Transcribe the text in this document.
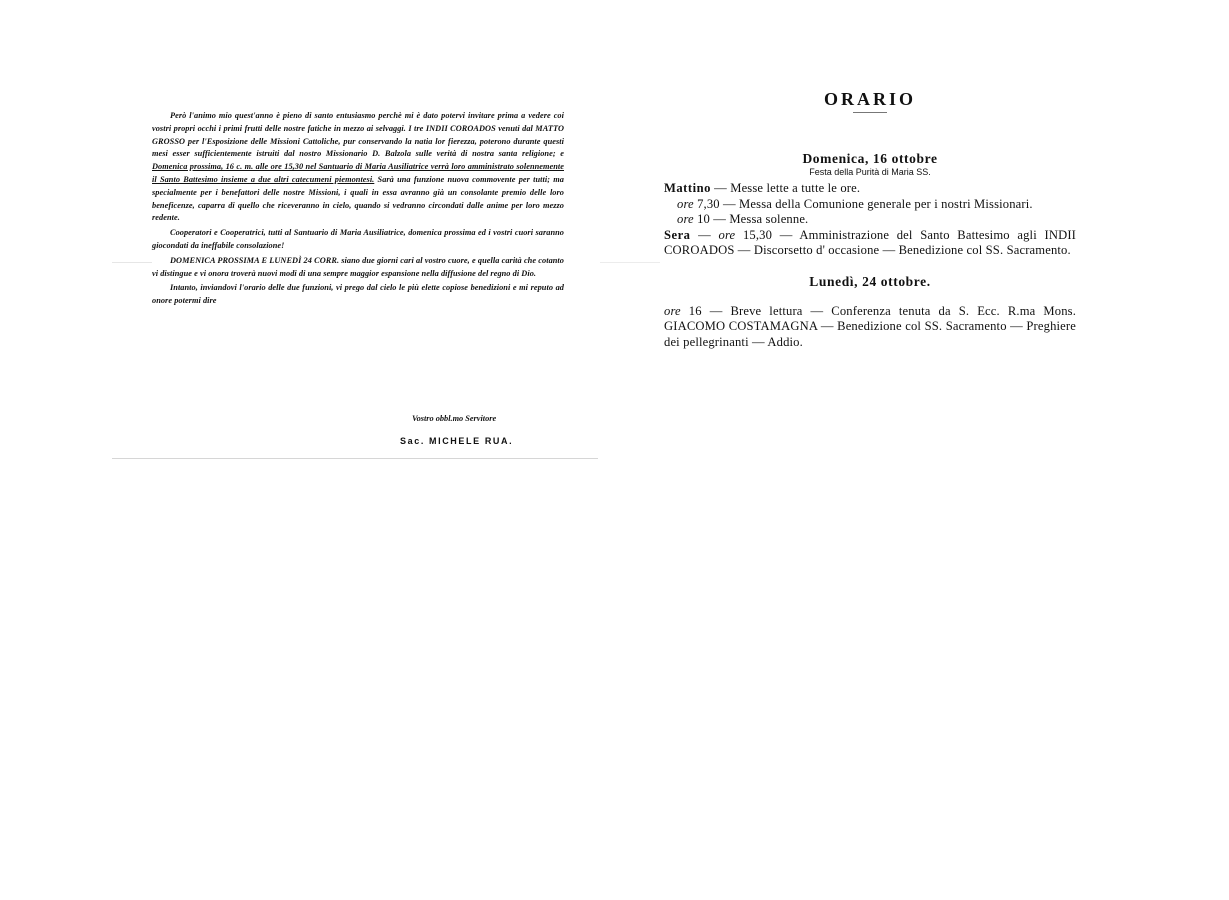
Però l'animo mio quest'anno è pieno di santo entusiasmo perchè mi è dato potervi invitare prima a vedere coi vostri propri occhi i primi frutti delle nostre fatiche in mezzo ai selvaggi. I tre INDII COROADOS venuti dal MATTO GROSSO per l'Esposizione delle Missioni Cattoliche, pur conservando la natia lor fierezza, poterono durante questi mesi esser sufficientemente istruiti dal nostro Missionario D. Balzola sulle verità di nostra santa religione; e Domenica prossima, 16 c. m. alle ore 15,30 nel Santuario di Maria Ausiliatrice verrà loro amministrato solennemente il Santo Battesimo insieme a due altri catecumeni piemontesi. Sarà una funzione nuova commovente per tutti; ma specialmente per i benefattori delle nostre Missioni, i quali in essa avranno già un consolante premio delle loro beneficenze, caparra di quello che riceveranno in cielo, quando si vedranno circondati dalle anime per loro mezzo redente.

Cooperatori e Cooperatrici, tutti al Santuario di Maria Ausiliatrice, domenica prossima ed i vostri cuori saranno giocondati da ineffabile consolazione!

DOMENICA PROSSIMA E LUNEDÌ 24 CORR. siano due giorni cari al vostro cuore, e quella carità che cotanto vi distingue e vi onora troverà nuovi modi di una sempre maggior espansione nella diffusione del regno di Dio.

Intanto, inviandovi l'orario delle due funzioni, vi prego dal cielo le più elette copiose benedizioni e mi reputo ad onore potermi dire

Vostro obbl.mo Servitore
Sac. MICHELE RUA.
ORARIO

Domenica, 16 ottobre

Festa della Purità di Maria SS.

Mattino — Messe lette a tutte le ore.

ore 7,30 — Messa della Comunione generale per i nostri Missionari.

ore 10 — Messa solenne.

Sera — ore 15,30 — Amministrazione del Santo Battesimo agli INDII COROADOS — Discorsetto d' occasione — Benedizione col SS. Sacramento.

Lunedì, 24 ottobre.

ore 16 — Breve lettura — Conferenza tenuta da S. Ecc. R.ma Mons. GIACOMO COSTAMAGNA — Benedizione col SS. Sacramento — Preghiere dei pellegrinanti — Addio.
